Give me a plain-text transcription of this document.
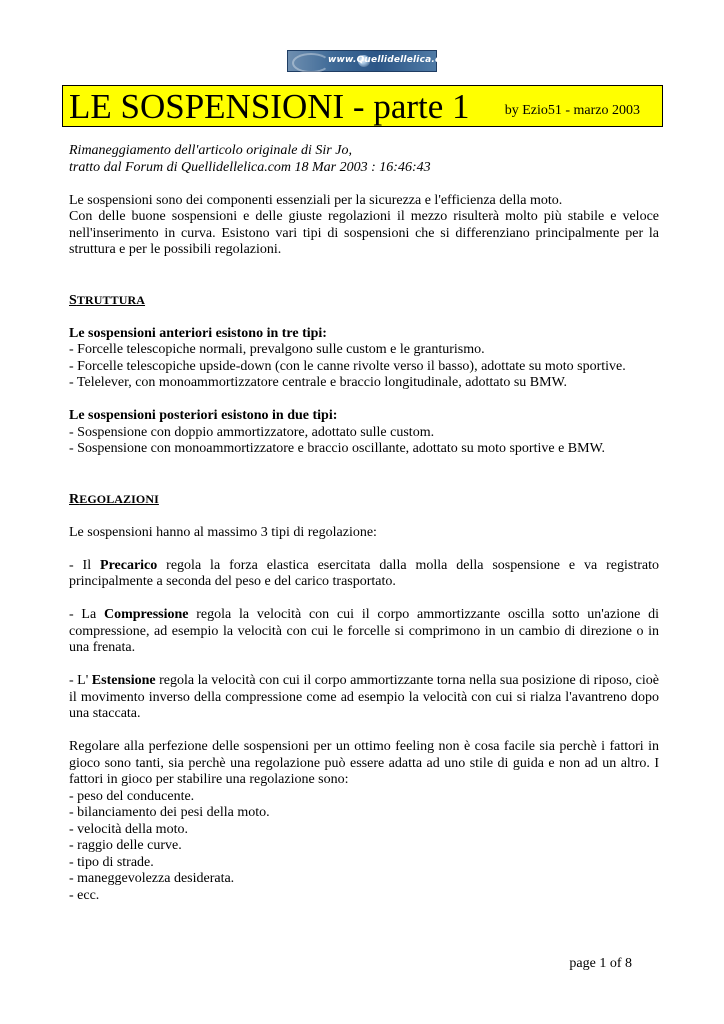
www.Quellidellelica.com
LE SOSPENSIONI - parte 1	by Ezio51 - marzo 2003

Rimaneggiamento dell'articolo originale di Sir Jo,

tratto dal Forum di Quellidellelica.com 18 Mar 2003 : 16:46:43

Le sospensioni sono dei componenti essenziali per la sicurezza e l'efficienza della moto.

Con delle buone sospensioni e delle giuste regolazioni il mezzo risulterà molto più stabile e veloce nell'inserimento in curva. Esistono vari tipi di sospensioni che si differenziano principalmente per la struttura e per le possibili regolazioni.

STRUTTURA

Le sospensioni anteriori esistono in tre tipi:

- Forcelle telescopiche normali, prevalgono sulle custom e le granturismo.

- Forcelle telescopiche upside-down (con le canne rivolte verso il basso), adottate su moto sportive.

- Telelever, con monoammortizzatore centrale e braccio longitudinale, adottato su BMW.

Le sospensioni posteriori esistono in due tipi:

- Sospensione con doppio ammortizzatore, adottato sulle custom.

- Sospensione con monoammortizzatore e braccio oscillante, adottato su moto sportive e BMW.

REGOLAZIONI

Le sospensioni hanno al massimo 3 tipi di regolazione:

- Il Precarico regola la forza elastica esercitata dalla molla della sospensione e va registrato principalmente a seconda del peso e del carico trasportato.

- La Compressione regola la velocità con cui il corpo ammortizzante oscilla sotto un'azione di compressione, ad esempio la velocità con cui le forcelle si comprimono in un cambio di direzione o in una frenata.

- L' Estensione regola la velocità con cui il corpo ammortizzante torna nella sua posizione di riposo, cioè il movimento inverso della compressione come ad esempio la velocità con cui si rialza l'avantreno dopo una staccata.

Regolare alla perfezione delle sospensioni per un ottimo feeling non è cosa facile sia perchè i fattori in gioco sono tanti, sia perchè una regolazione può essere adatta ad uno stile di guida e non ad un altro. I fattori in gioco per stabilire una regolazione sono:

- peso del conducente.

- bilanciamento dei pesi della moto.

- velocità della moto.

- raggio delle curve.

- tipo di strade.

- maneggevolezza desiderata.

- ecc.

page 1 of 8
